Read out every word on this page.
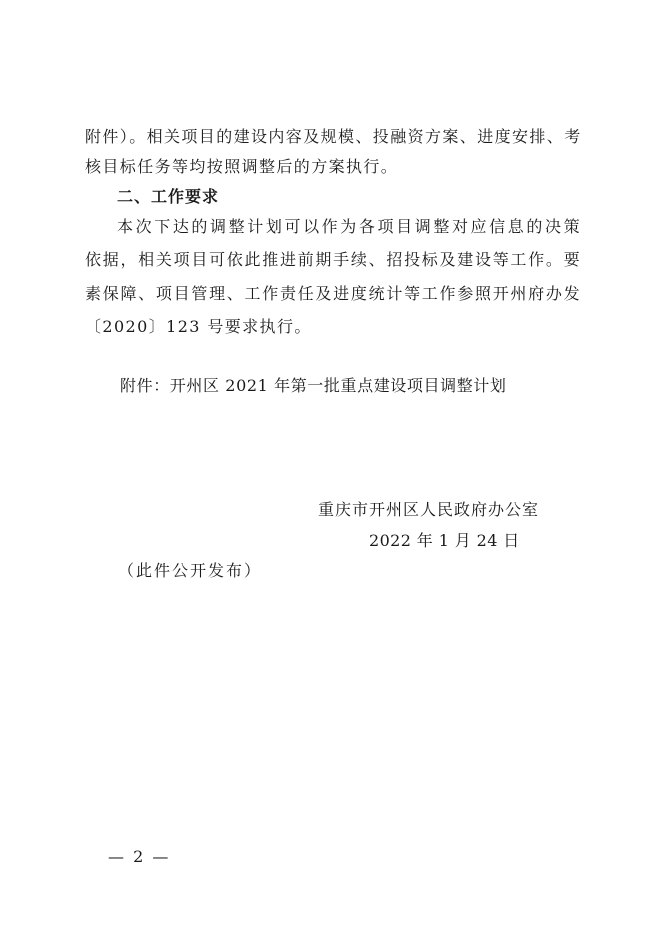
附件）。相关项目的建设内容及规模、投融资方案、进度安排、考
核目标任务等均按照调整后的方案执行。
二、工作要求
本次下达的调整计划可以作为各项目调整对应信息的决策
依据，相关项目可依此推进前期手续、招投标及建设等工作。要
素保障、项目管理、工作责任及进度统计等工作参照开州府办发
〔2020〕123 号要求执行。
附件：开州区 2021 年第一批重点建设项目调整计划
重庆市开州区人民政府办公室
2022 年 1 月 24 日
（此件公开发布）
— 2 —
